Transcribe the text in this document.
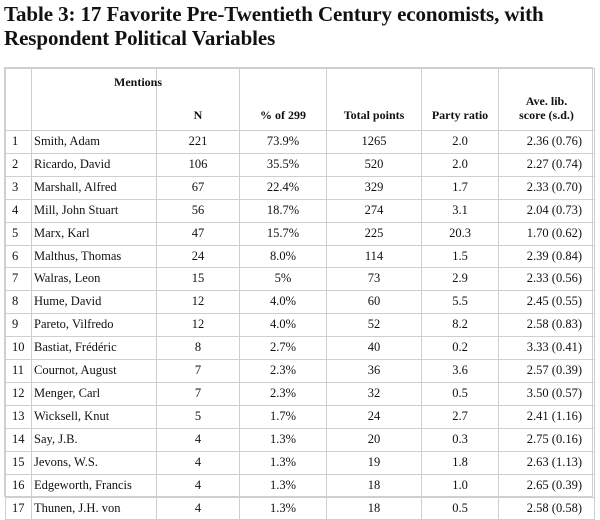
Table 3: 17 Favorite Pre-Twentieth Century economists, with
Respondent Political Variables

	Mentions	N	% of 299	Total points	Party ratio	Ave. lib.
score (s.d.)
1	Smith, Adam	221	73.9%	1265	2.0	2.36 (0.76)
2	Ricardo, David	106	35.5%	520	2.0	2.27 (0.74)
3	Marshall, Alfred	67	22.4%	329	1.7	2.33 (0.70)
4	Mill, John Stuart	56	18.7%	274	3.1	2.04 (0.73)
5	Marx, Karl	47	15.7%	225	20.3	1.70 (0.62)
6	Malthus, Thomas	24	8.0%	114	1.5	2.39 (0.84)
7	Walras, Leon	15	5%	73	2.9	2.33 (0.56)
8	Hume, David	12	4.0%	60	5.5	2.45 (0.55)
9	Pareto, Vilfredo	12	4.0%	52	8.2	2.58 (0.83)
10	Bastiat, Frédéric	8	2.7%	40	0.2	3.33 (0.41)
11	Cournot, August	7	2.3%	36	3.6	2.57 (0.39)
12	Menger, Carl	7	2.3%	32	0.5	3.50 (0.57)
13	Wicksell, Knut	5	1.7%	24	2.7	2.41 (1.16)
14	Say, J.B.	4	1.3%	20	0.3	2.75 (0.16)
15	Jevons, W.S.	4	1.3%	19	1.8	2.63 (1.13)
16	Edgeworth, Francis	4	1.3%	18	1.0	2.65 (0.39)
17	Thunen, J.H. von	4	1.3%	18	0.5	2.58 (0.58)
